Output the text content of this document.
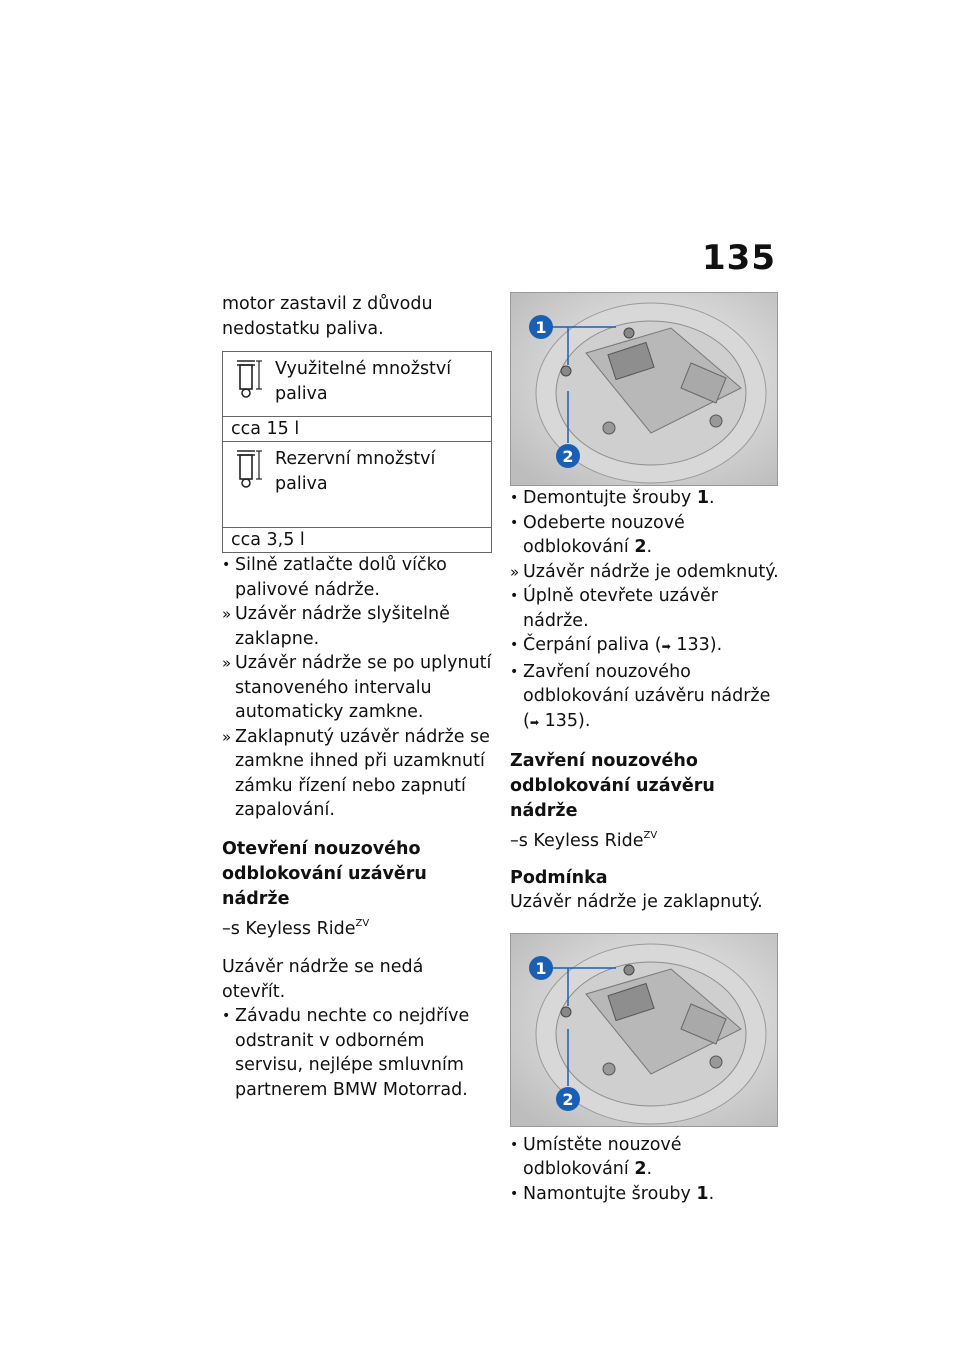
135

motor zastavil z důvodu nedostatku paliva.

Využitelné množství paliva
cca 15 l
Rezervní množství paliva
cca 3,5 l
• Silně zatlačte dolů víčko palivové nádrže.
» Uzávěr nádrže slyšitelně zaklapne.
» Uzávěr nádrže se po uplynutí stanoveného intervalu automaticky zamkne.
» Zaklapnutý uzávěr nádrže se zamkne ihned při uzamknutí zámku řízení nebo zapnutí zapalování.

Otevření nouzového
odblokování uzávěru nádrže

–s Keyless Ride$^{ZV}$

Uzávěr nádrže se nedá otevřít.

• Závadu nechte co nejdříve odstranit v odborném servisu, nejlépe smluvním partnerem BMW Motorrad.
1
2
• Demontujte šrouby 1.
• Odeberte nouzové odblokování 2.
» Uzávěr nádrže je odemknutý.
• Úplně otevřete uzávěr nádrže.
• Čerpání paliva (➡ 133).
• Zavření nouzového odblokování uzávěru nádrže (➡ 135).

Zavření nouzového
odblokování uzávěru nádrže

–s Keyless Ride$^{ZV}$

Podmínka

Uzávěr nádrže je zaklapnutý.

1
2
• Umístěte nouzové odblokování 2.
• Namontujte šrouby 1.
